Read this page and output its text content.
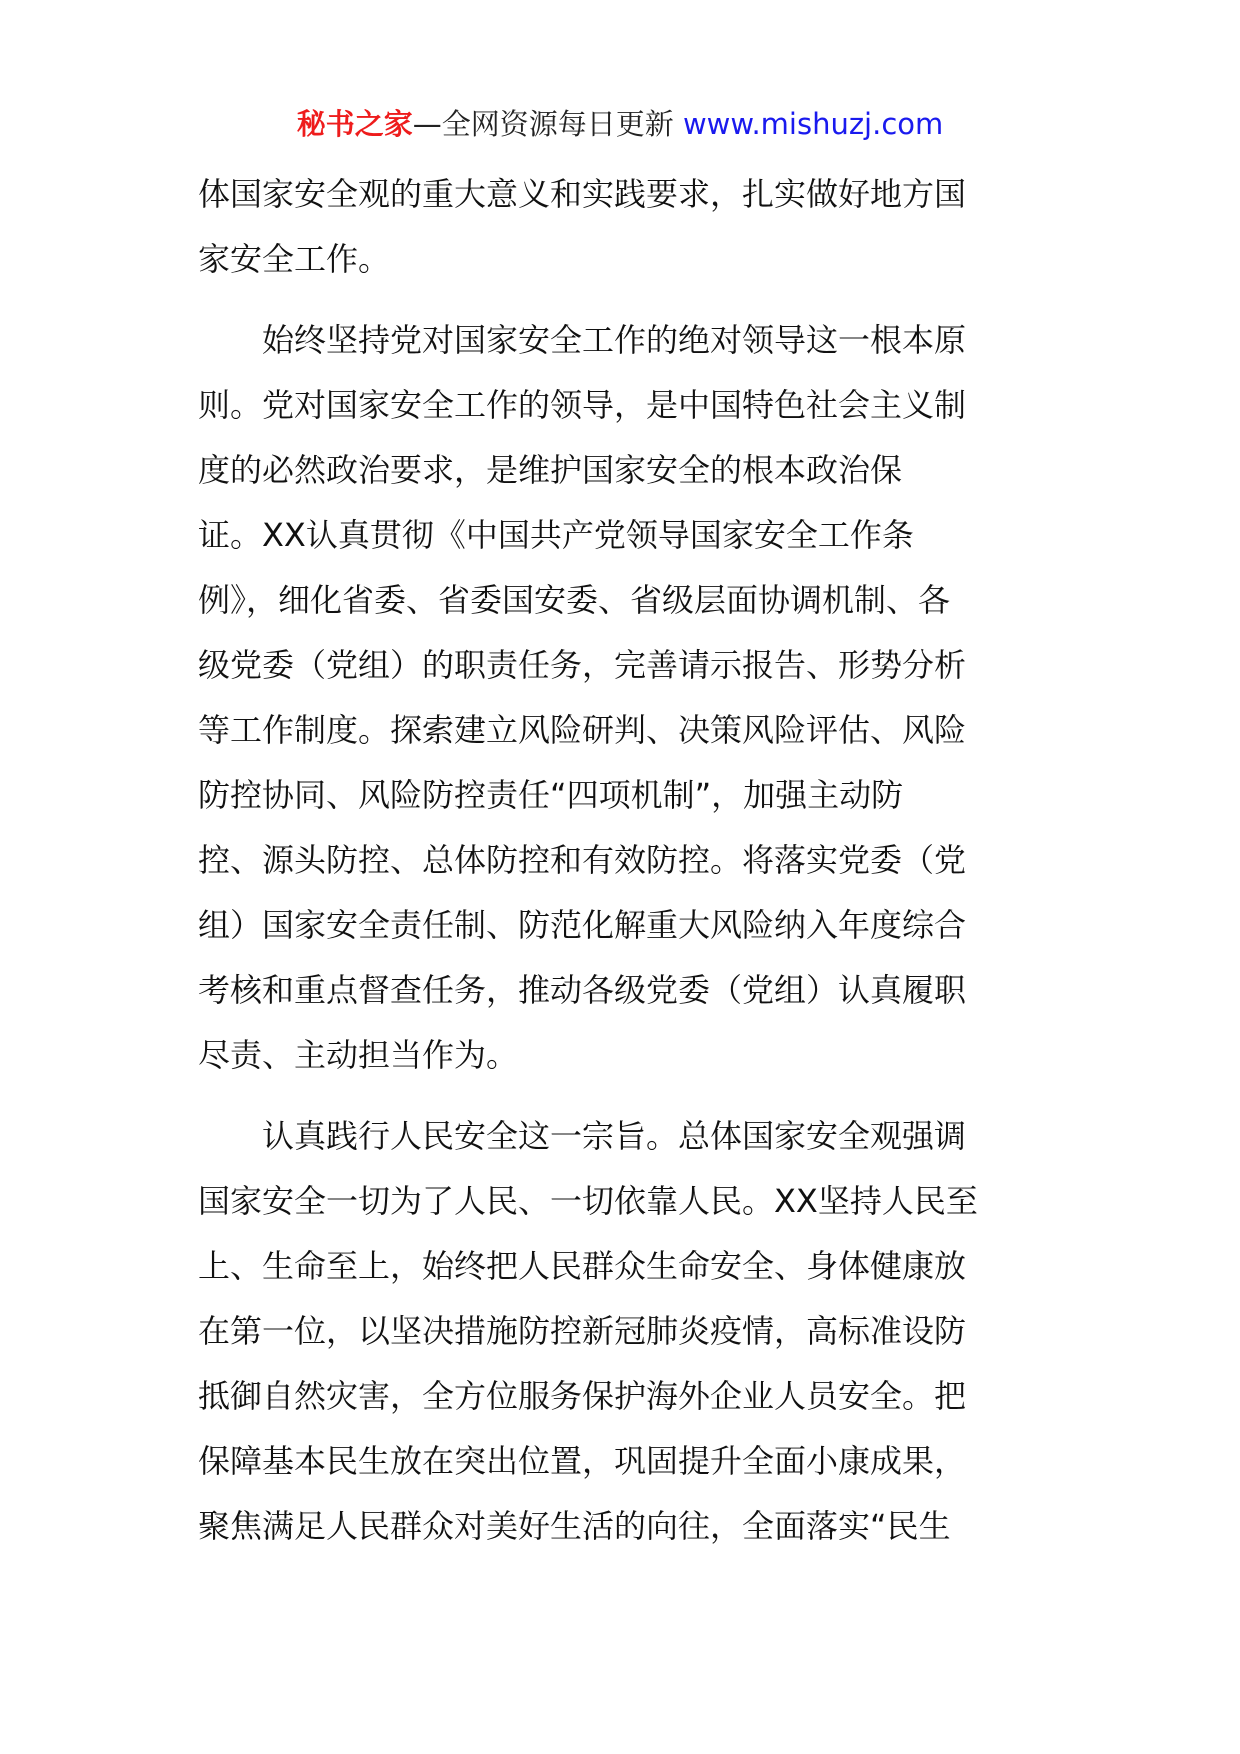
秘书之家—全网资源每日更新 www.mishuzj.com
体国家安全观的重大意义和实践要求，扎实做好地方国
家安全工作。
　　始终坚持党对国家安全工作的绝对领导这一根本原
则。党对国家安全工作的领导，是中国特色社会主义制
度的必然政治要求，是维护国家安全的根本政治保
证。XX认真贯彻《中国共产党领导国家安全工作条
例》，细化省委、省委国安委、省级层面协调机制、各
级党委（党组）的职责任务，完善请示报告、形势分析
等工作制度。探索建立风险研判、决策风险评估、风险
防控协同、风险防控责任“四项机制”，加强主动防
控、源头防控、总体防控和有效防控。将落实党委（党
组）国家安全责任制、防范化解重大风险纳入年度综合
考核和重点督查任务，推动各级党委（党组）认真履职
尽责、主动担当作为。
　　认真践行人民安全这一宗旨。总体国家安全观强调
国家安全一切为了人民、一切依靠人民。XX坚持人民至
上、生命至上，始终把人民群众生命安全、身体健康放
在第一位，以坚决措施防控新冠肺炎疫情，高标准设防
抵御自然灾害，全方位服务保护海外企业人员安全。把
保障基本民生放在突出位置，巩固提升全面小康成果，
聚焦满足人民群众对美好生活的向往，全面落实“民生
